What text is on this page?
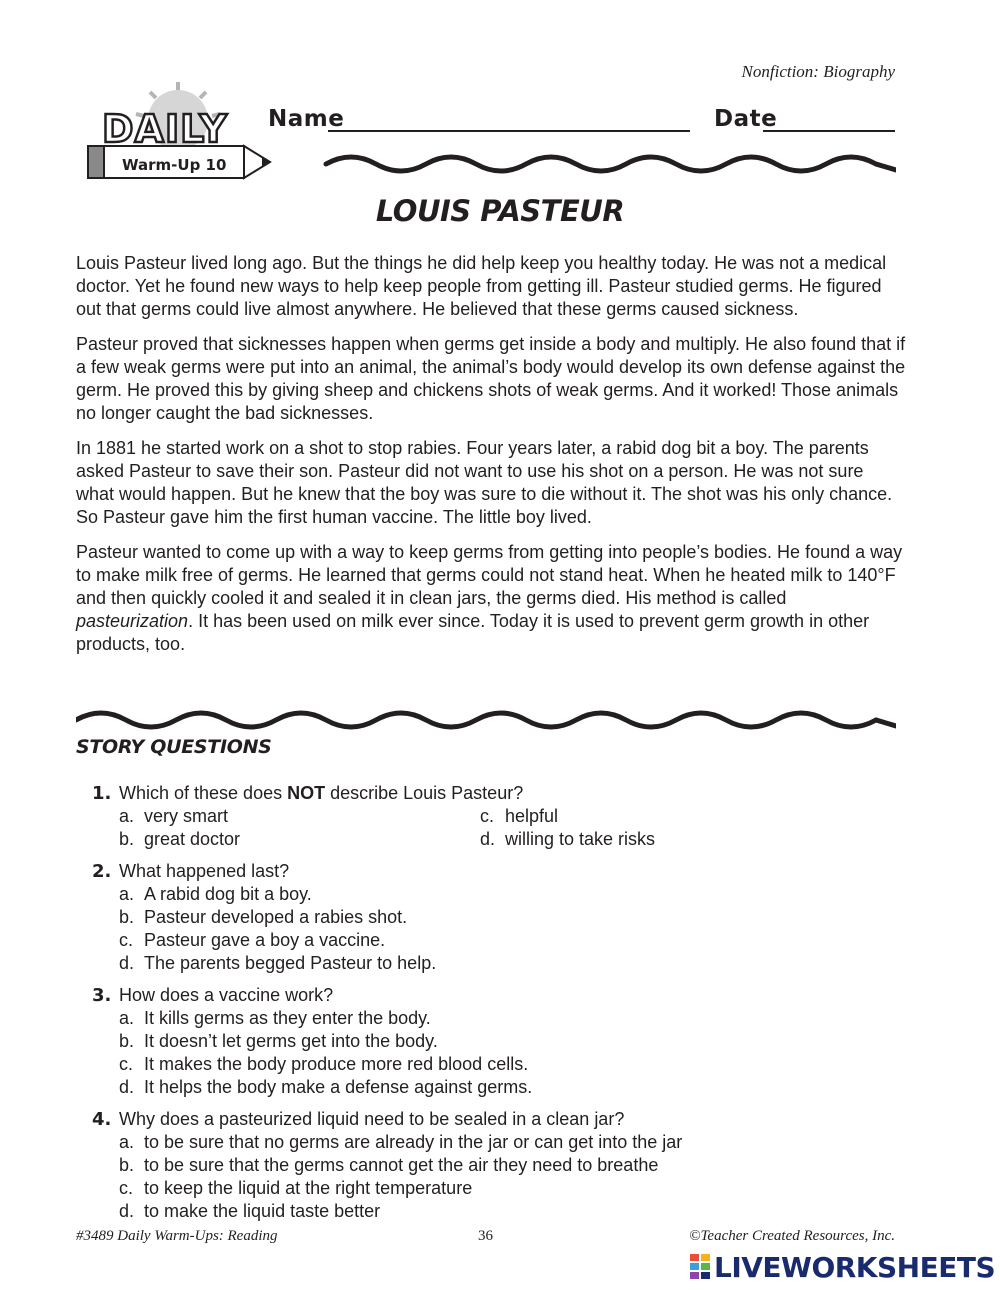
Nonfiction: Biography
DAILY
Warm-Up 10
Name	Date
LOUIS PASTEUR

Louis Pasteur lived long ago. But the things he did help keep you healthy today. He was not a medical doctor. Yet he found new ways to help keep people from getting ill. Pasteur studied germs. He figured out that germs could live almost anywhere. He believed that these germs caused sickness.

Pasteur proved that sicknesses happen when germs get inside a body and multiply. He also found that if a few weak germs were put into an animal, the animal’s body would develop its own defense against the germ. He proved this by giving sheep and chickens shots of weak germs. And it worked! Those animals no longer caught the bad sicknesses.

In 1881 he started work on a shot to stop rabies. Four years later, a rabid dog bit a boy. The parents asked Pasteur to save their son. Pasteur did not want to use his shot on a person. He was not sure what would happen. But he knew that the boy was sure to die without it. The shot was his only chance. So Pasteur gave him the first human vaccine. The little boy lived.

Pasteur wanted to come up with a way to keep germs from getting into people’s bodies. He found a way to make milk free of germs. He learned that germs could not stand heat. When he heated milk to 140°F and then quickly cooled it and sealed it in clean jars, the germs died. His method is called pasteurization. It has been used on milk ever since. Today it is used to prevent germ growth in other products, too.

STORY QUESTIONS
1. Which of these does NOT describe Louis Pasteur?
a. very smart	c. helpful
b. great doctor	d. willing to take risks
2. What happened last?
a. A rabid dog bit a boy.
b. Pasteur developed a rabies shot.
c. Pasteur gave a boy a vaccine.
d. The parents begged Pasteur to help.
3. How does a vaccine work?
a. It kills germs as they enter the body.
b. It doesn’t let germs get into the body.
c. It makes the body produce more red blood cells.
d. It helps the body make a defense against germs.
4. Why does a pasteurized liquid need to be sealed in a clean jar?
a. to be sure that no germs are already in the jar or can get into the jar
b. to be sure that the germs cannot get the air they need to breathe
c. to keep the liquid at the right temperature
d. to make the liquid taste better
#3489 Daily Warm-Ups: Reading	36	©Teacher Created Resources, Inc.
LIVEWORKSHEETS
